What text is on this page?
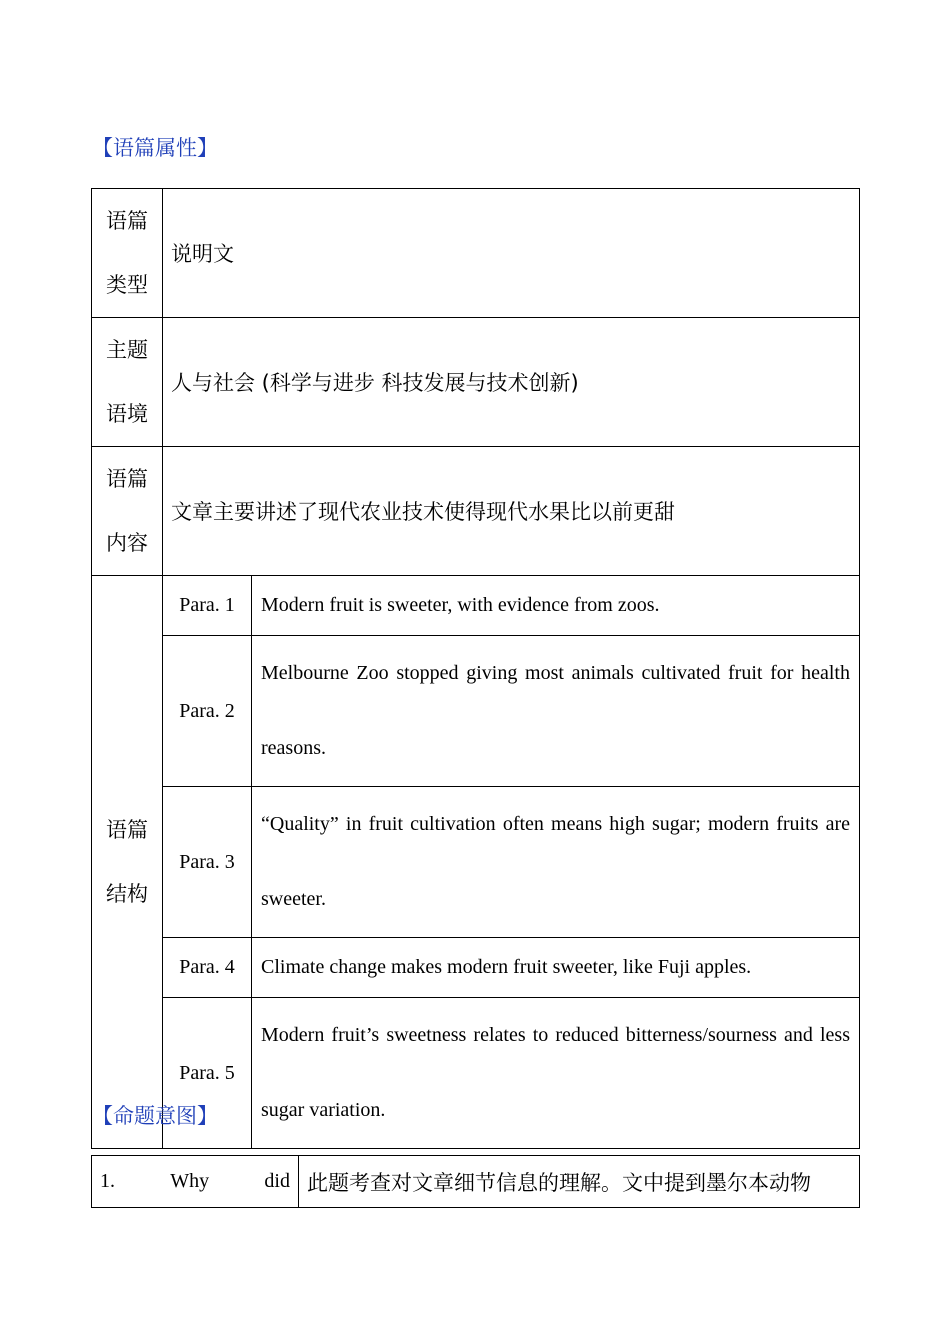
【语篇属性】
语篇
类型	说明文	

主题
语境	人与社会 (科学与进步 科技发展与技术创新)	

语篇
内容	文章主要讲述了现代农业技术使得现代水果比以前更甜	

语篇
结构	Para. 1	Modern fruit is sweeter, with evidence from zoos.
	Para. 2	Melbourne Zoo stopped giving most animals cultivated fruit for health reasons.
	Para. 3	“Quality” in fruit cultivation often means high sugar; modern fruits are sweeter.
	Para. 4	Climate change makes modern fruit sweeter, like Fuji apples.
	Para. 5	Modern fruit’s sweetness relates to reduced bitterness/sourness and less sugar variation.
【命题意图】
1.	Why	did	此题考查对文章细节信息的理解。文中提到墨尔本动物
